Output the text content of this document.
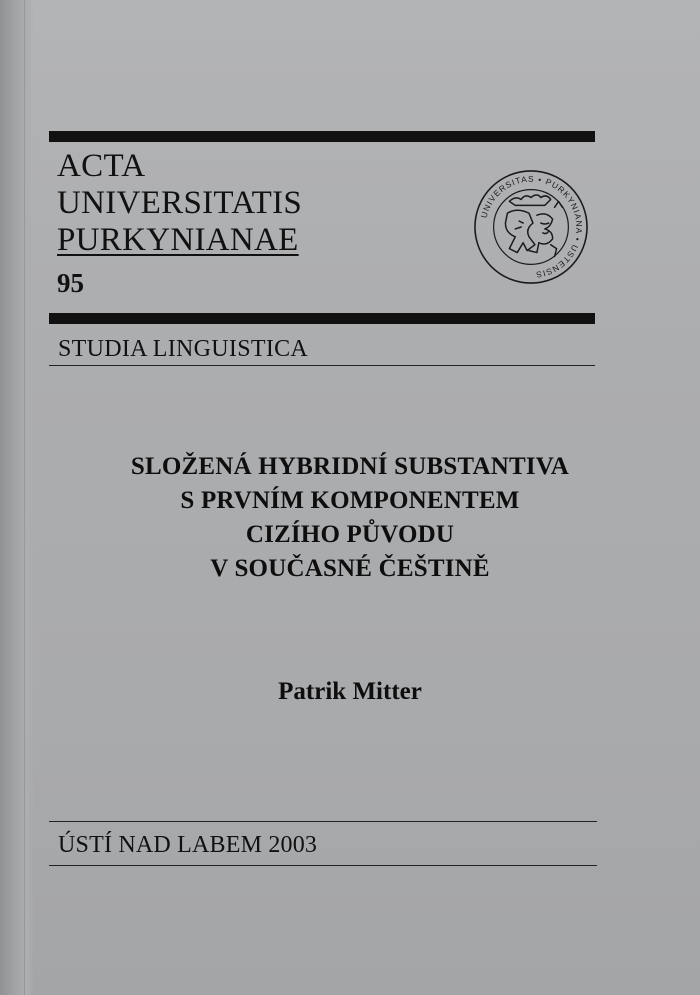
ACTA
UNIVERSITATIS
PURKYNIANAE
95
UNIVERSITAS • PURKYNIANA • USTENSIS
STUDIA LINGUISTICA
SLOŽENÁ HYBRIDNÍ SUBSTANTIVA
S PRVNÍM KOMPONENTEM
CIZÍHO PŮVODU
V SOUČASNÉ ČEŠTINĚ
Patrik Mitter
ÚSTÍ NAD LABEM 2003
